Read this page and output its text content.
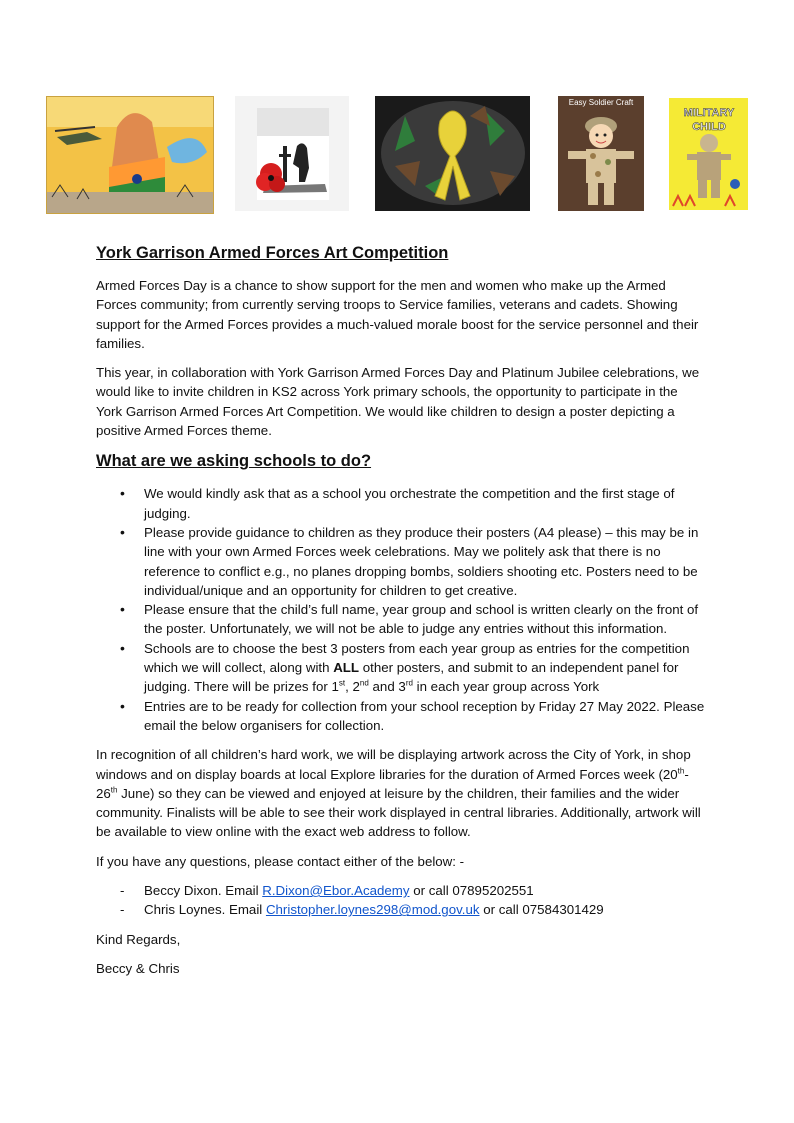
Easy Soldier Craft
MILITARY
CHILD
York Garrison Armed Forces Art Competition

Armed Forces Day is a chance to show support for the men and women who make up the Armed Forces community; from currently serving troops to Service families, veterans and cadets. Showing support for the Armed Forces provides a much-valued morale boost for the service personnel and their families.

This year, in collaboration with York Garrison Armed Forces Day and Platinum Jubilee celebrations, we would like to invite children in KS2 across York primary schools, the opportunity to participate in the York Garrison Armed Forces Art Competition. We would like children to design a poster depicting a positive Armed Forces theme.

What are we asking schools to do?
• We would kindly ask that as a school you orchestrate the competition and the first stage of judging.
• Please provide guidance to children as they produce their posters (A4 please) – this may be in line with your own Armed Forces week celebrations. May we politely ask that there is no reference to conflict e.g., no planes dropping bombs, soldiers shooting etc. Posters need to be individual/unique and an opportunity for children to get creative.
• Please ensure that the child’s full name, year group and school is written clearly on the front of the poster. Unfortunately, we will not be able to judge any entries without this information.
• Schools are to choose the best 3 posters from each year group as entries for the competition which we will collect, along with ALL other posters, and submit to an independent panel for judging. There will be prizes for 1st, 2nd and 3rd in each year group across York
• Entries are to be ready for collection from your school reception by Friday 27 May 2022. Please email the below organisers for collection.

In recognition of all children’s hard work, we will be displaying artwork across the City of York, in shop windows and on display boards at local Explore libraries for the duration of Armed Forces week (20th-26th June) so they can be viewed and enjoyed at leisure by the children, their families and the wider community. Finalists will be able to see their work displayed in central libraries. Additionally, artwork will be available to view online with the exact web address to follow.

If you have any questions, please contact either of the below: -

- Beccy Dixon. Email R.Dixon@Ebor.Academy or call 07895202551
- Chris Loynes. Email Christopher.loynes298@mod.gov.uk or call 07584301429

Kind Regards,

Beccy & Chris
